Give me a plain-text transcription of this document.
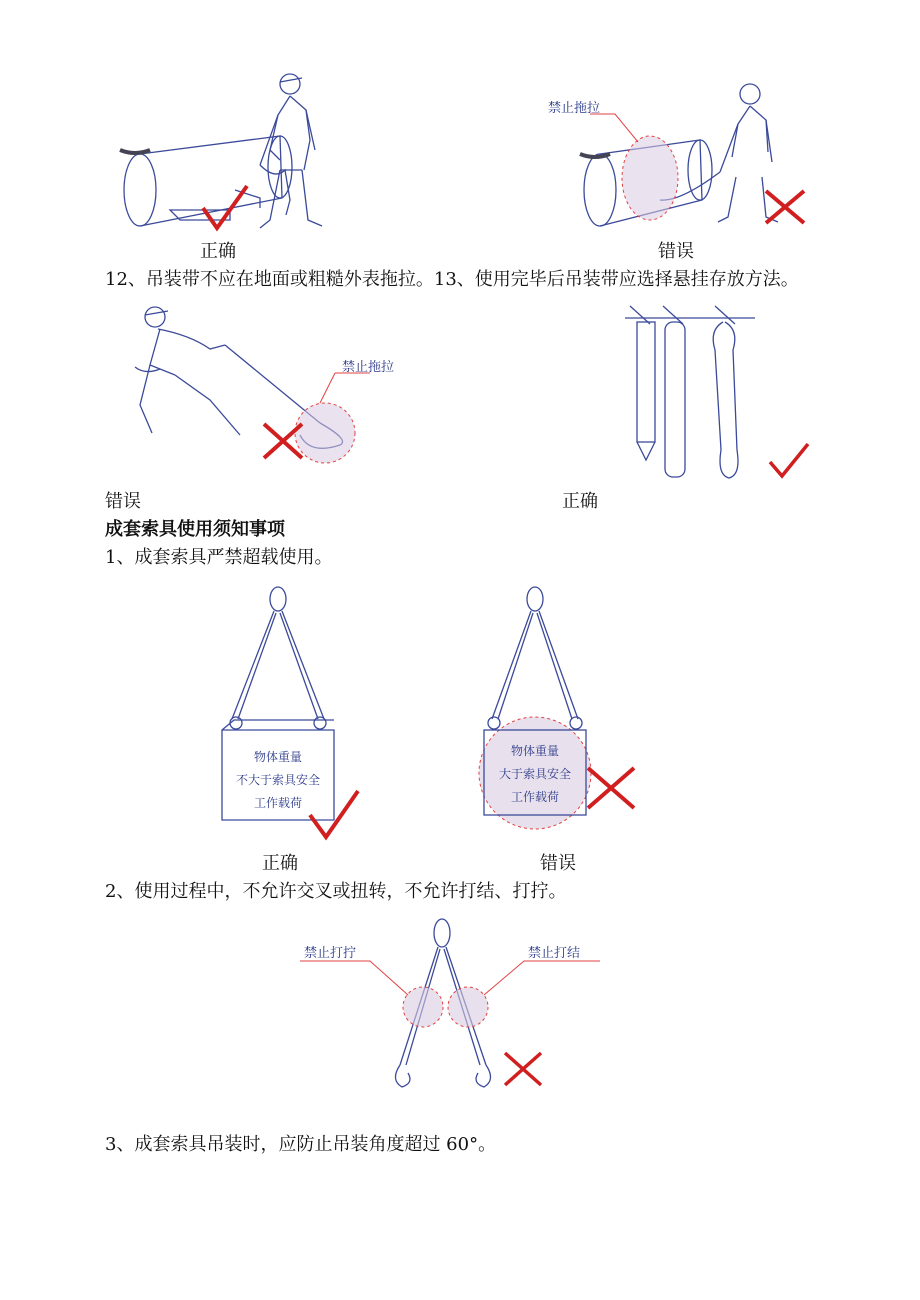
禁止拖拉
正确	错误
12、吊装带不应在地面或粗糙外表拖拉。13、使用完毕后吊装带应选择悬挂存放方法。
禁止拖拉
错误	正确
成套索具使用须知事项
1、成套索具严禁超载使用。
物体重量
不大于索具安全
工作载荷
物体重量
大于索具安全
工作载荷
正确	错误
2、使用过程中，不允许交叉或扭转，不允许打结、打拧。
禁止打拧	禁止打结
3、成套索具吊装时，应防止吊装角度超过 60°。
